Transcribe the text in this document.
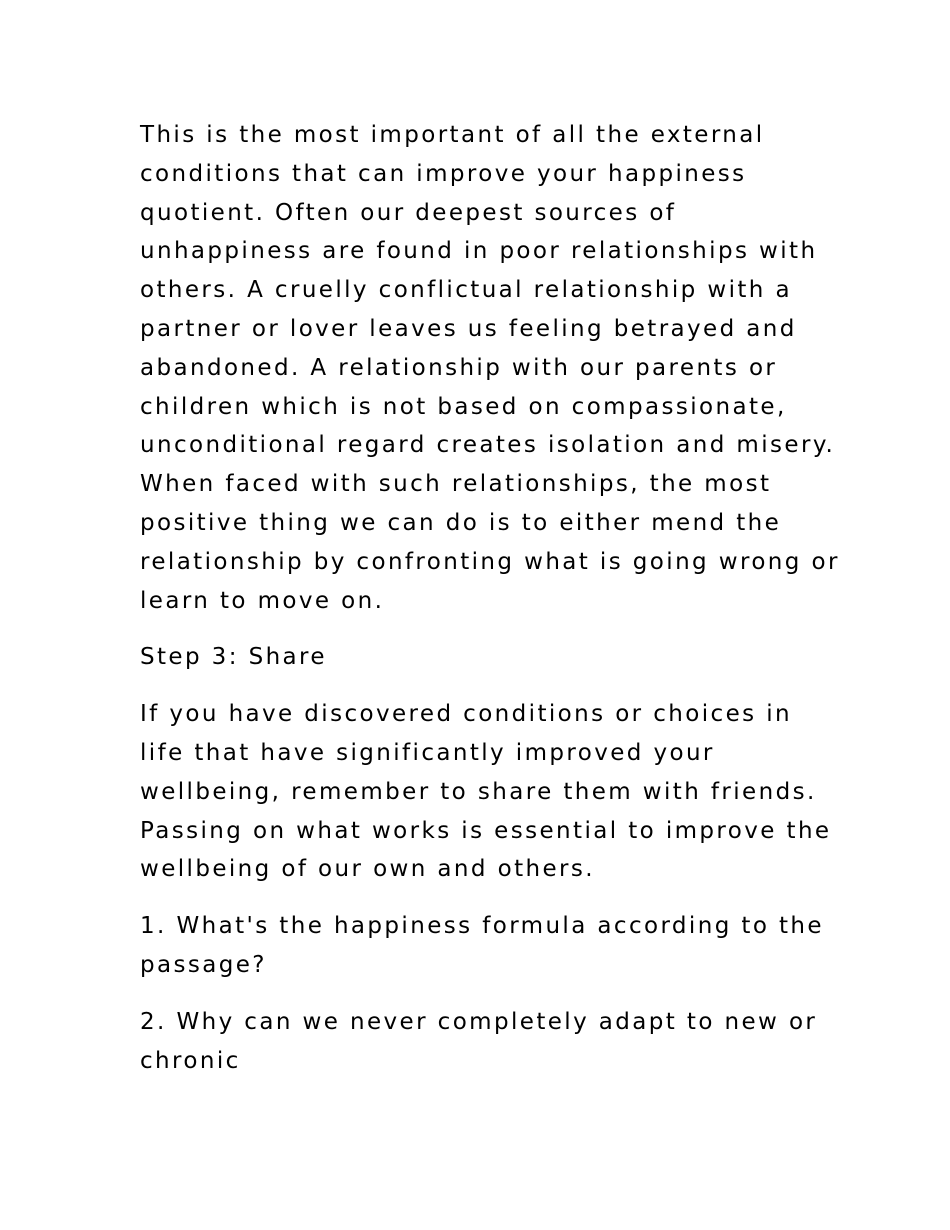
This is the most important of all the external conditions that can improve your happiness quotient. Often our deepest sources of unhappiness are found in poor relationships with others. A cruelly conflictual relationship with a partner or lover leaves us feeling betrayed and abandoned. A relationship with our parents or children which is not based on compassionate, unconditional regard creates isolation and misery. When faced with such relationships, the most positive thing we can do is to either mend the relationship by confronting what is going wrong or learn to move on.

Step 3: Share

If you have discovered conditions or choices in life that have significantly improved your wellbeing, remember to share them with friends. Passing on what works is essential to improve the wellbeing of our own and others.

1. What's the happiness formula according to the passage?

2. Why can we never completely adapt to new or chronic
